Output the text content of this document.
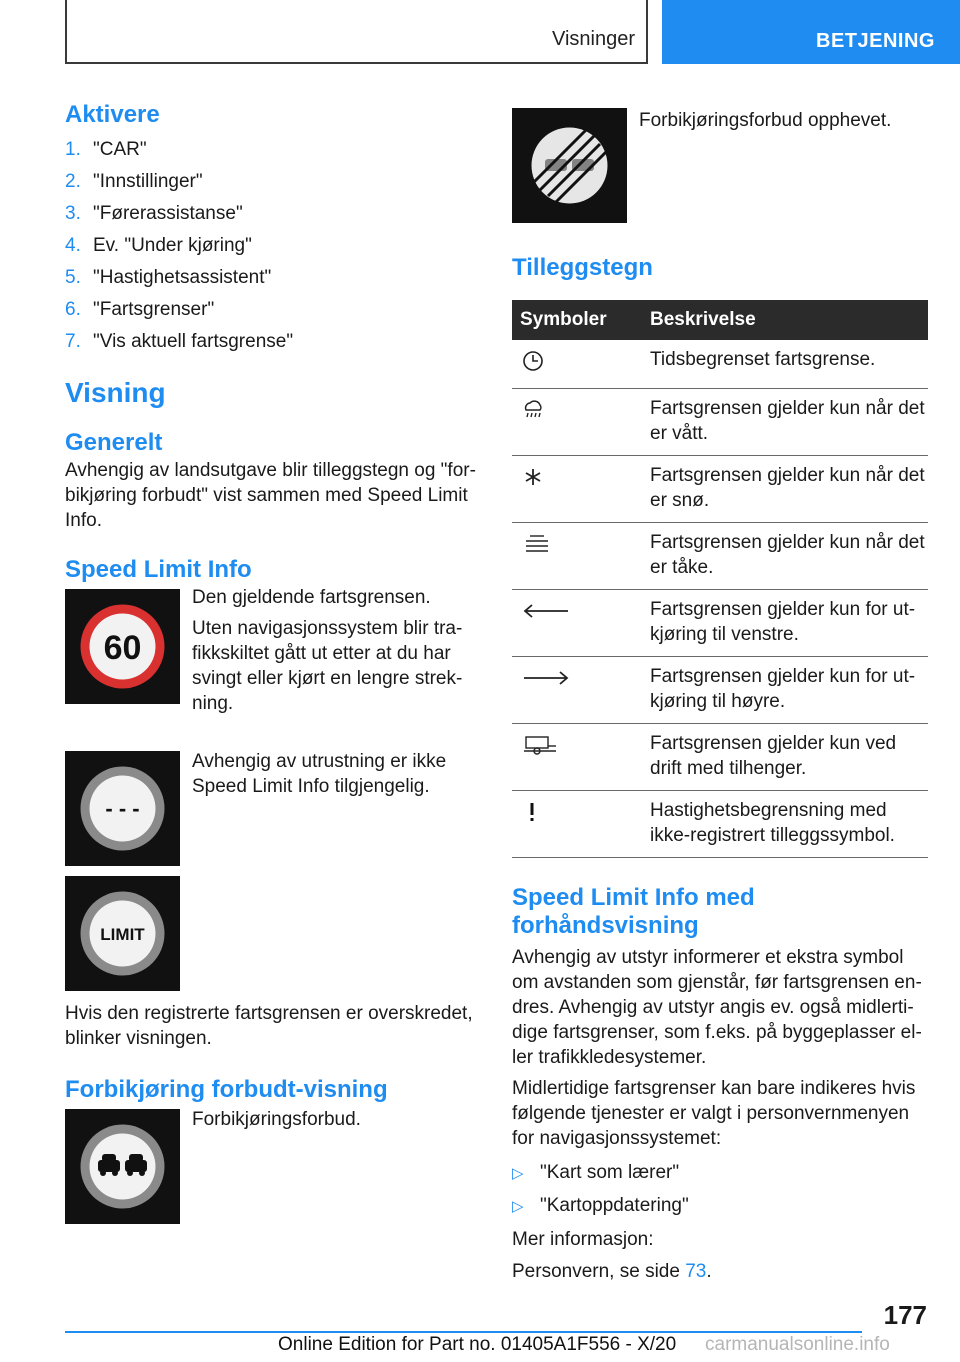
Visninger	BETJENING
Aktivere
1. "CAR"
2. "Innstillinger"
3. "Førerassistanse"
4. Ev. "Under kjøring"
5. "Hastighetsassistent"
6. "Fartsgrenser"
7. "Vis aktuell fartsgrense"
Visning
Generelt

Avhengig av landsutgave blir tilleggstegn og "forbikjøring forbudt" vist sammen med Speed Limit Info.

Speed Limit Info
60

Den gjeldende fartsgrensen.

Uten navigasjonssystem blir trafikkskiltet gått ut etter at du har svingt eller kjørt en lengre strekning.

- - -
LIMIT

Avhengig av utrustning er ikke Speed Limit Info tilgjengelig.

Hvis den registrerte fartsgrensen er overskredet, blinker visningen.

Forbikjøring forbudt-visning

Forbikjøringsforbud.

Forbikjøringsforbud opphevet.

Tilleggstegn
Symboler	Beskrivelse
	Tidsbegrenset fartsgrense.
	Fartsgrensen gjelder kun når det er vått.
	Fartsgrensen gjelder kun når det er snø.
	Fartsgrensen gjelder kun når det er tåke.
	Fartsgrensen gjelder kun for utkjøring til venstre.
	Fartsgrensen gjelder kun for utkjøring til høyre.
	Fartsgrensen gjelder kun ved drift med tilhenger.
	Hastighetsbegrensning med ikke-registrert tilleggssymbol.
Speed Limit Info med forhåndsvisning

Avhengig av utstyr informerer et ekstra symbol om avstanden som gjenstår, før fartsgrensen endres. Avhengig av utstyr angis ev. også midlertidige fartsgrenser, som f.eks. på byggeplasser eller trafikkledesystemer.

Midlertidige fartsgrenser kan bare indikeres hvis følgende tjenester er valgt i personvernmenyen for navigasjonssystemet:

▷ "Kart som lærer"
▷ "Kartoppdatering"

Mer informasjon:

Personvern, se side 73.

177
Online Edition for Part no. 01405A1F556 - X/20 carmanualsonline.info
